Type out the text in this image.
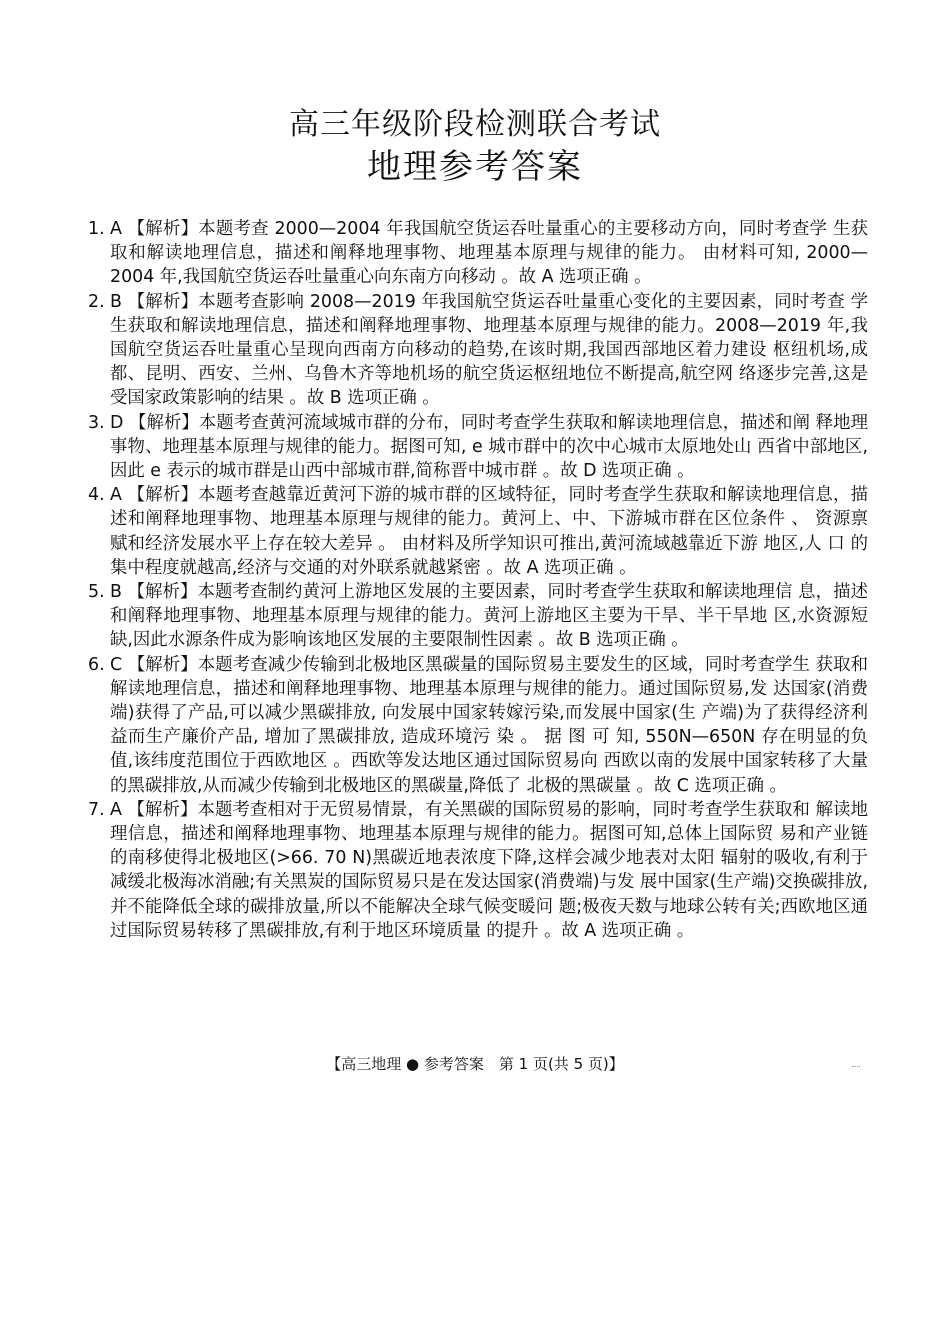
高三年级阶段检测联合考试
地理参考答案
1. A 【解析】本题考查 2000—2004 年我国航空货运吞吐量重心的主要移动方向，同时考查学 生获取和解读地理信息，描述和阐释地理事物、地理基本原理与规律的能力。 由材料可知, 2000—2004 年,我国航空货运吞吐量重心向东南方向移动 。故 A 选项正确 。
2. B 【解析】本题考查影响 2008—2019 年我国航空货运吞吐量重心变化的主要因素，同时考查 学生获取和解读地理信息，描述和阐释地理事物、地理基本原理与规律的能力。2008—2019 年,我国航空货运吞吐量重心呈现向西南方向移动的趋势,在该时期,我国西部地区着力建设 枢纽机场,成都、昆明、西安、兰州、乌鲁木齐等地机场的航空货运枢纽地位不断提高,航空网 络逐步完善,这是受国家政策影响的结果 。故 B 选项正确 。
3. D 【解析】本题考查黄河流域城市群的分布，同时考查学生获取和解读地理信息，描述和阐 释地理事物、地理基本原理与规律的能力。据图可知, e 城市群中的次中心城市太原地处山 西省中部地区,因此 e 表示的城市群是山西中部城市群,简称晋中城市群 。故 D 选项正确 。
4. A 【解析】本题考查越靠近黄河下游的城市群的区域特征，同时考查学生获取和解读地理信息，描述和阐释地理事物、地理基本原理与规律的能力。黄河上、中、下游城市群在区位条件 、 资源禀赋和经济发展水平上存在较大差异 。 由材料及所学知识可推出,黄河流域越靠近下游 地区,人 口 的集中程度就越高,经济与交通的对外联系就越紧密 。故 A 选项正确 。
5. B 【解析】本题考查制约黄河上游地区发展的主要因素，同时考查学生获取和解读地理信 息，描述和阐释地理事物、地理基本原理与规律的能力。黄河上游地区主要为干旱、半干旱地 区,水资源短缺,因此水源条件成为影响该地区发展的主要限制性因素 。故 B 选项正确 。
6. C 【解析】本题考查减少传输到北极地区黑碳量的国际贸易主要发生的区域，同时考查学生 获取和解读地理信息，描述和阐释地理事物、地理基本原理与规律的能力。通过国际贸易,发 达国家(消费端)获得了产品,可以减少黑碳排放, 向发展中国家转嫁污染,而发展中国家(生 产端)为了获得经济利益而生产廉价产品, 增加了黑碳排放, 造成环境污 染 。 据 图 可 知, 550N—650N 存在明显的负值,该纬度范围位于西欧地区 。西欧等发达地区通过国际贸易向 西欧以南的发展中国家转移了大量的黑碳排放,从而减少传输到北极地区的黑碳量,降低了 北极的黑碳量 。故 C 选项正确 。
7. A 【解析】本题考查相对于无贸易情景，有关黑碳的国际贸易的影响，同时考查学生获取和 解读地理信息，描述和阐释地理事物、地理基本原理与规律的能力。据图可知,总体上国际贸 易和产业链的南移使得北极地区(>66. 70 N)黑碳近地表浓度下降,这样会减少地表对太阳 辐射的吸收,有利于减缓北极海冰消融;有关黑炭的国际贸易只是在发达国家(消费端)与发 展中国家(生产端)交换碳排放,并不能降低全球的碳排放量,所以不能解决全球气候变暖问 题;极夜天数与地球公转有关;西欧地区通过国际贸易转移了黑碳排放,有利于地区环境质量 的提升 。故 A 选项正确 。
【高三地理 ● 参考答案　第 1 页(共 5 页)】
